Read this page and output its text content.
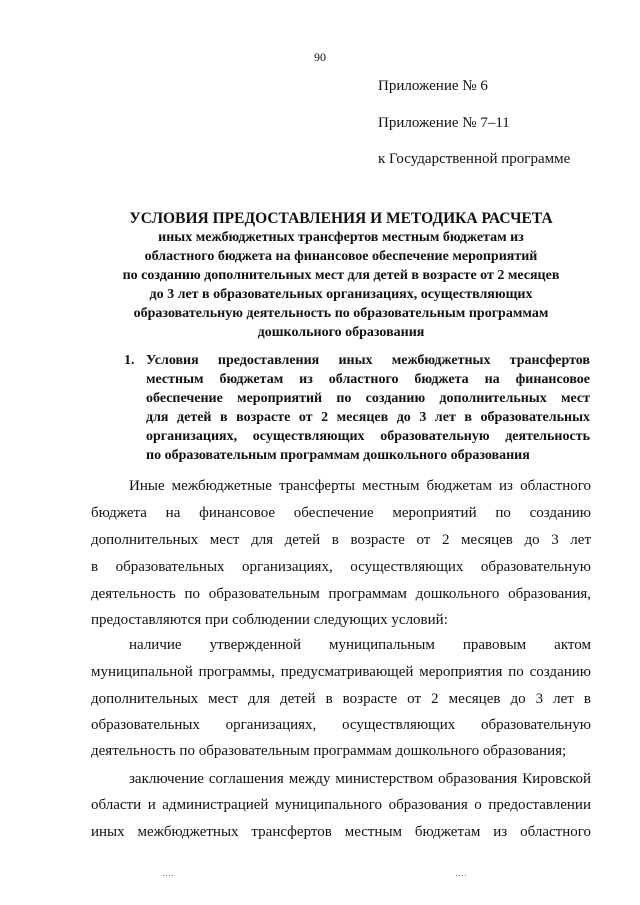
90
Приложение № 6
Приложение № 7–11
к Государственной программе
УСЛОВИЯ ПРЕДОСТАВЛЕНИЯ И МЕТОДИКА РАСЧЕТА
иных межбюджетных трансфертов местным бюджетам из
областного бюджета на финансовое обеспечение мероприятий
по созданию дополнительных мест для детей в возрасте от 2 месяцев
до 3 лет в образовательных организациях, осуществляющих
образовательную деятельность по образовательным программам
дошкольного образования
1. Условия предоставления иных межбюджетных трансфертов
местным бюджетам из областного бюджета на финансовое
обеспечение мероприятий по созданию дополнительных мест
для детей в возрасте от 2 месяцев до 3 лет в образовательных
организациях, осуществляющих образовательную деятельность
по образовательным программам дошкольного образования
Иные межбюджетные трансферты местным бюджетам из областного
бюджета на финансовое обеспечение мероприятий по созданию
дополнительных мест для детей в возрасте от 2 месяцев до 3 лет
в образовательных организациях, осуществляющих образовательную
деятельность по образовательным программам дошкольного образования,
предоставляются при соблюдении следующих условий:
наличие утвержденной муниципальным правовым актом
муниципальной программы, предусматривающей мероприятия по созданию
дополнительных мест для детей в возрасте от 2 месяцев до 3 лет в
образовательных организациях, осуществляющих образовательную
деятельность по образовательным программам дошкольного образования;
заключение соглашения между министерством образования Кировской
области и администрацией муниципального образования о предоставлении
иных межбюджетных трансфертов местным бюджетам из областного
‥‥	‥‥
